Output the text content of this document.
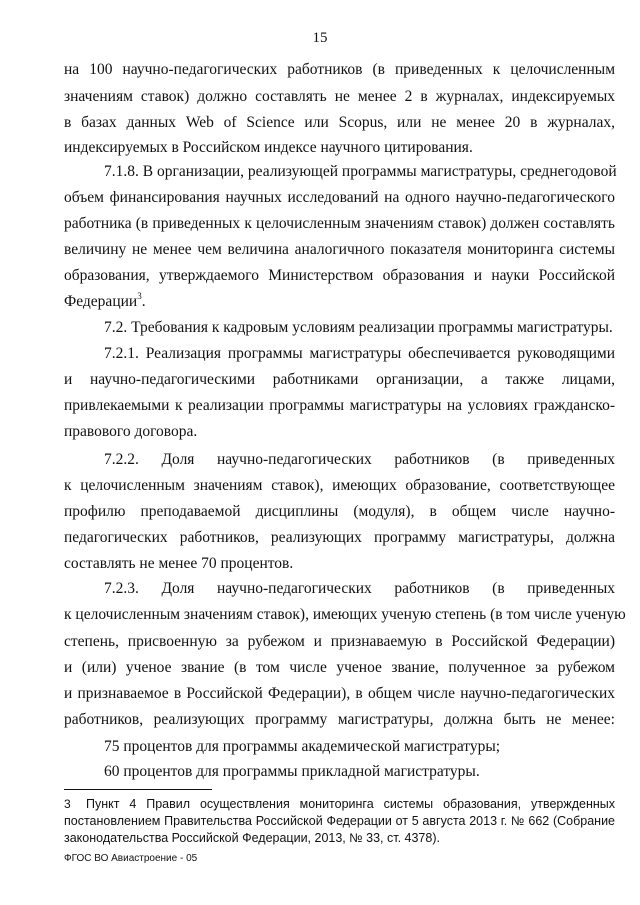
15
на 100 научно-педагогических работников (в приведенных к целочисленным
значениям ставок) должно составлять не менее 2 в журналах, индексируемых
в базах данных Web of Science или Scopus, или не менее 20 в журналах,
индексируемых в Российском индексе научного цитирования.
7.1.8. В организации, реализующей программы магистратуры, среднегодовой
объем финансирования научных исследований на одного научно-педагогического
работника (в приведенных к целочисленным значениям ставок) должен составлять
величину не менее чем величина аналогичного показателя мониторинга системы
образования, утверждаемого Министерством образования и науки Российской
Федерации$^3$.
7.2. Требования к кадровым условиям реализации программы магистратуры.
7.2.1. Реализация программы магистратуры обеспечивается руководящими
и научно-педагогическими работниками организации, а также лицами,
привлекаемыми к реализации программы магистратуры на условиях гражданско-
правового договора.
7.2.2. Доля научно-педагогических работников (в приведенных
к целочисленным значениям ставок), имеющих образование, соответствующее
профилю преподаваемой дисциплины (модуля), в общем числе научно-
педагогических работников, реализующих программу магистратуры, должна
составлять не менее 70 процентов.
7.2.3. Доля научно-педагогических работников (в приведенных
к целочисленным значениям ставок), имеющих ученую степень (в том числе ученую
степень, присвоенную за рубежом и признаваемую в Российской Федерации)
и (или) ученое звание (в том числе ученое звание, полученное за рубежом
и признаваемое в Российской Федерации), в общем числе научно-педагогических
работников, реализующих программу магистратуры, должна быть не менее:
75 процентов для программы академической магистратуры;
60 процентов для программы прикладной магистратуры.
3 Пункт 4 Правил осуществления мониторинга системы образования, утвержденных
постановлением Правительства Российской Федерации от 5 августа 2013 г. № 662 (Собрание
законодательства Российской Федерации, 2013, № 33, ст. 4378).
ФГОС ВО Авиастроение - 05
